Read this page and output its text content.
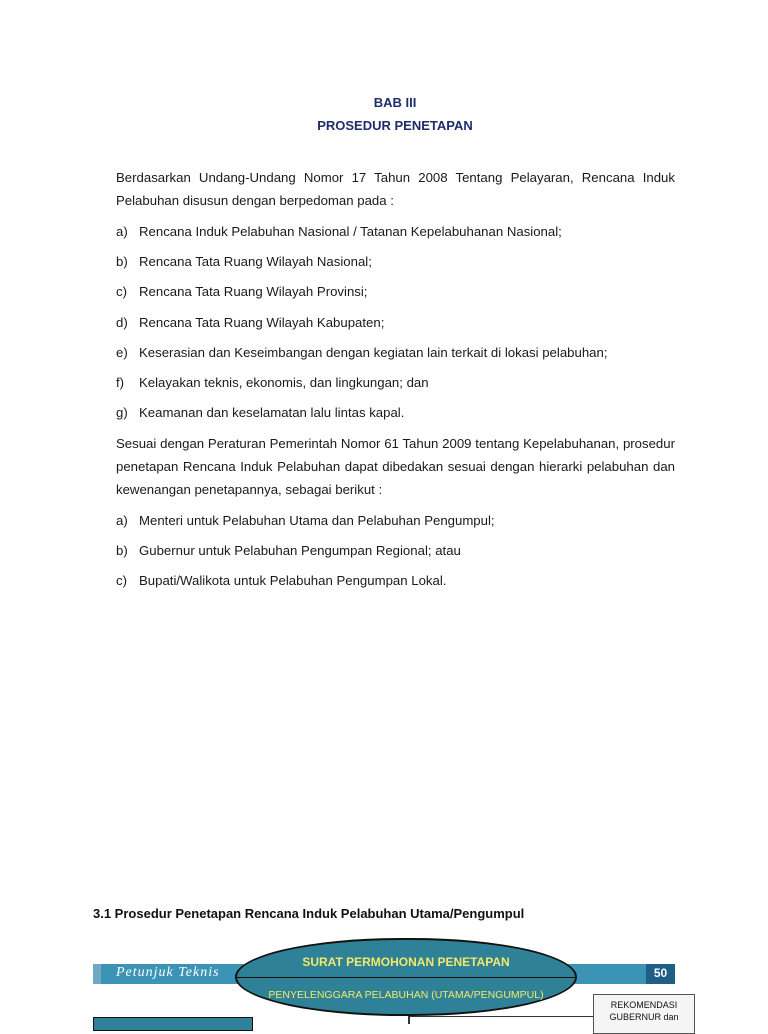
BAB III
PROSEDUR PENETAPAN

Berdasarkan Undang-Undang Nomor 17 Tahun 2008 Tentang Pelayaran, Rencana Induk Pelabuhan disusun dengan berpedoman pada :

a) Rencana Induk Pelabuhan Nasional / Tatanan Kepelabuhanan Nasional;
b) Rencana Tata Ruang Wilayah Nasional;
c) Rencana Tata Ruang Wilayah Provinsi;
d) Rencana Tata Ruang Wilayah Kabupaten;
e) Keserasian dan Keseimbangan dengan kegiatan lain terkait di lokasi pelabuhan;
f) Kelayakan teknis, ekonomis, dan lingkungan; dan
g) Keamanan dan keselamatan lalu lintas kapal.

Sesuai dengan Peraturan Pemerintah Nomor 61 Tahun 2009 tentang Kepelabuhanan, prosedur penetapan Rencana Induk Pelabuhan dapat dibedakan sesuai dengan hierarki pelabuhan dan kewenangan penetapannya, sebagai berikut :

a) Menteri untuk Pelabuhan Utama dan Pelabuhan Pengumpul;
b) Gubernur untuk Pelabuhan Pengumpan Regional; atau
c) Bupati/Walikota untuk Pelabuhan Pengumpan Lokal.
3.1 Prosedur Penetapan Rencana Induk Pelabuhan Utama/Pengumpul
Petunjuk Teknis	50
SURAT PERMOHONAN PENETAPAN
PENYELENGGARA PELABUHAN (UTAMA/PENGUMPUL)
REKOMENDASI
GUBERNUR dan
